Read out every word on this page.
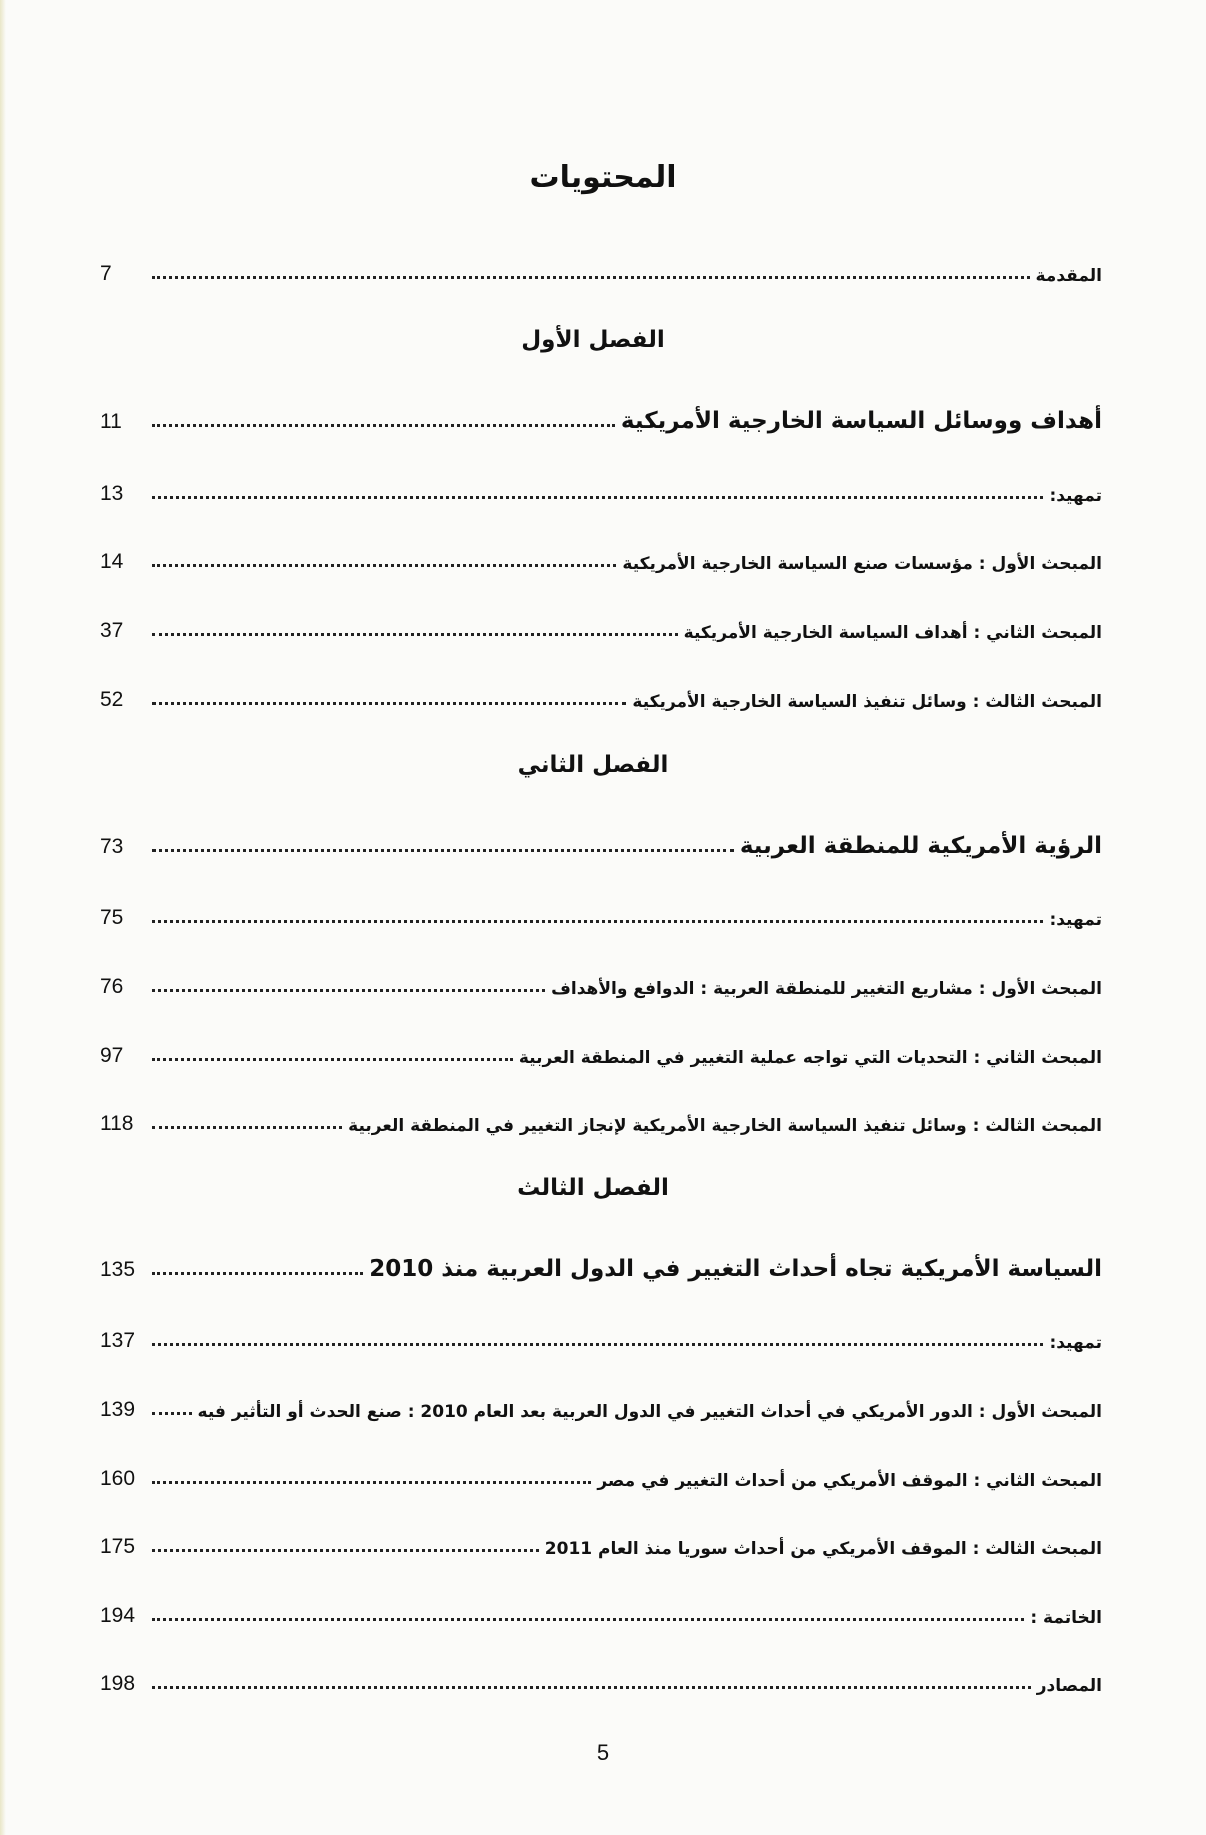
المحتويات
المقدمة
7
الفصل الأول
أهداف ووسائل السياسة الخارجية الأمريكية
11
تمهيد:
13
المبحث الأول : مؤسسات صنع السياسة الخارجية الأمريكية
14
المبحث الثاني : أهداف السياسة الخارجية الأمريكية
37
المبحث الثالث : وسائل تنفيذ السياسة الخارجية الأمريكية
52
الفصل الثاني
الرؤية الأمريكية للمنطقة العربية
73
تمهيد:
75
المبحث الأول : مشاريع التغيير للمنطقة العربية : الدوافع والأهداف
76
المبحث الثاني : التحديات التي تواجه عملية التغيير في المنطقة العربية
97
المبحث الثالث : وسائل تنفيذ السياسة الخارجية الأمريكية لإنجاز التغيير في المنطقة العربية
118
الفصل الثالث
السياسة الأمريكية تجاه أحداث التغيير في الدول العربية منذ 2010
135
تمهيد:
137
المبحث الأول : الدور الأمريكي في أحداث التغيير في الدول العربية بعد العام 2010 : صنع الحدث أو التأثير فيه
139
المبحث الثاني : الموقف الأمريكي من أحداث التغيير في مصر
160
المبحث الثالث : الموقف الأمريكي من أحداث سوريا منذ العام 2011
175
الخاتمة :
194
المصادر
198
5
